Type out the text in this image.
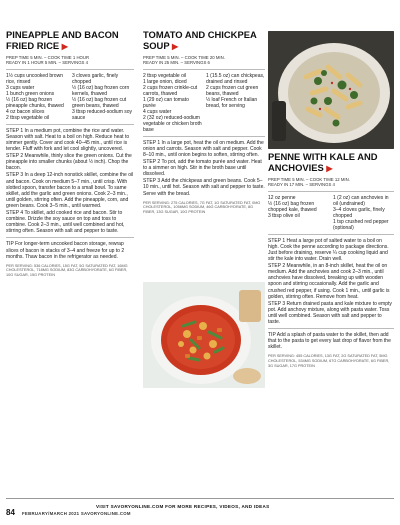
PINEAPPLE AND BACON FRIED RICE ▶
PREP TIME 5 MIN. – COOK TIME 1 HOUR
READY IN 1 HOUR 5 MIN. – SERVINGS 4
1½ cups uncooked brown rice, rinsed
3 cups water
1 bunch green onions
½ (16 oz) bag frozen pineapple chunks, thawed
4 oz bacon slices
2 tbsp vegetable oil
3 cloves garlic, finely chopped
½ (16 oz) bag frozen corn kernels, thawed
½ (16 oz) bag frozen cut green beans, thawed
3 tbsp reduced-sodium soy sauce

STEP 1 In a medium pot, combine the rice and water. Season with salt. Heat to a boil on high. Reduce heat to simmer gently. Cover and cook 40–45 min., until rice is tender. Fluff with fork and let cool slightly, uncovered.

STEP 2 Meanwhile, thinly slice the green onions. Cut the pineapple into smaller chunks (about ½ inch). Chop the bacon.

STEP 3 In a deep 12-inch nonstick skillet, combine the oil and bacon. Cook on medium 5–7 min., until crisp. With slotted spoon, transfer bacon to a small bowl. To same skillet, add the garlic and green onions. Cook 2–3 min., until golden, stirring often. Add the pineapple, corn, and green beans. Cook 3–5 min., until warmed.

STEP 4 To skillet, add cooked rice and bacon. Stir to combine. Drizzle the soy sauce on top and toss to combine. Cook 2–3 min., until well combined and hot, stirring often. Season with salt and pepper to taste.

TIP For longer-term uncooked bacon storage, rewrap slices of bacon in stacks of 3–4 and freeze for up to 2 months. Thaw bacon in the refrigerator as needed.

PER SERVING: 536 CALORIES, 15G FAT, 5G SATURATED FAT, 16MG CHOLESTEROL, 718MG SODIUM, 83G CARBOHYDRATE, 6G FIBER, 10G SUGAR, 15G PROTEIN
TOMATO AND CHICKPEA SOUP ▶
PREP TIME 5 MIN. – COOK TIME 20 MIN.
READY IN 25 MIN. – SERVINGS 6
2 tbsp vegetable oil
1 large onion, diced
2 cups frozen crinkle-cut carrots, thawed
1 (29 oz) can tomato purée
4 cups water
2 (32 oz) reduced-sodium vegetable or chicken broth base
1 (15.5 oz) can chickpeas, drained and rinsed
2 cups frozen cut green beans, thawed
½ loaf French or Italian bread, for serving

STEP 1 In a large pot, heat the oil on medium. Add the onion and carrots. Season with salt and pepper. Cook 8–10 min., until onion begins to soften, stirring often.

STEP 2 To pot, add the tomato purée and water. Heat to a simmer on high. Stir in the broth base until dissolved.

STEP 3 Add the chickpeas and green beans. Cook 5–10 min., until hot. Season with salt and pepper to taste. Serve with the bread.

PER SERVING: 275 CALORIES, 7G FAT, 1G SATURATED FAT, 0MG CHOLESTEROL, 1056MG SODIUM, 46G CARBOHYDRATE, 8G FIBER, 13G SUGAR, 10G PROTEIN
PENNE WITH KALE AND ANCHOVIES ▶
PREP TIME 5 MIN. – COOK TIME 12 MIN.
READY IN 17 MIN. – SERVINGS 4
12 oz penne
½ (16 oz) bag frozen chopped kale, thawed
3 tbsp olive oil
1 (2 oz) can anchovies in oil (undrained)
3–4 cloves garlic, finely chopped
1 tsp crushed red pepper (optional)

STEP 1 Heat a large pot of salted water to a boil on high. Cook the penne according to package directions. Just before draining, reserve ¼ cup cooking liquid and stir the kale into water. Drain well.

STEP 2 Meanwhile, in an 8-inch skillet, heat the oil on medium. Add the anchovies and cook 2–3 min., until anchovies have dissolved, breaking up with wooden spoon and stirring occasionally. Add the garlic and crushed red pepper, if using. Cook 1 min., until garlic is golden, stirring often. Remove from heat.

STEP 3 Return drained pasta and kale mixture to empty pot. Add anchovy mixture, along with pasta water. Toss until well combined. Season with salt and pepper to taste.

TIP Add a splash of pasta water to the skillet, then add that to the pasta to get every last drop of flavor from the skillet.

PER SERVING: 455 CALORIES, 13G FAT, 2G SATURATED FAT, 5MG CHOLESTEROL, 534MG SODIUM, 67G CARBOHYDRATE, 6G FIBER, 3G SUGAR, 17G PROTEIN
VISIT SAVORYONLINE.COM FOR MORE RECIPES, VIDEOS, AND IDEAS
84 FEBRUARY/MARCH 2021 SAVORYONLINE.COM
